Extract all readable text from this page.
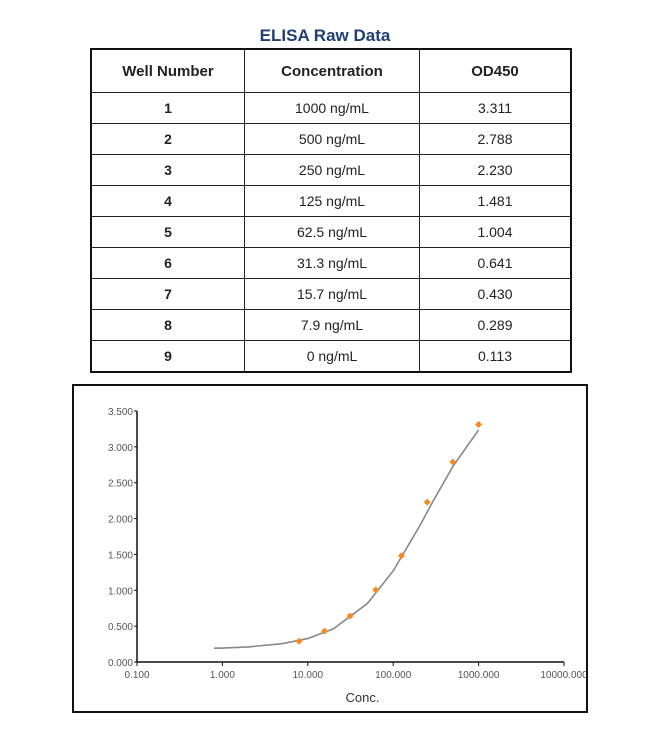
ELISA Raw Data
Well Number	Concentration	OD450
1	1000 ng/mL	3.311
2	500 ng/mL	2.788
3	250 ng/mL	2.230
4	125 ng/mL	1.481
5	62.5 ng/mL	1.004
6	31.3 ng/mL	0.641
7	15.7 ng/mL	0.430
8	7.9 ng/mL	0.289
9	0 ng/mL	0.113
0.100	1.000	10.000	100.000	1000.000	10000.000
0.000
0.500
1.000
1.500
2.000
2.500
3.000
3.500
Conc.
